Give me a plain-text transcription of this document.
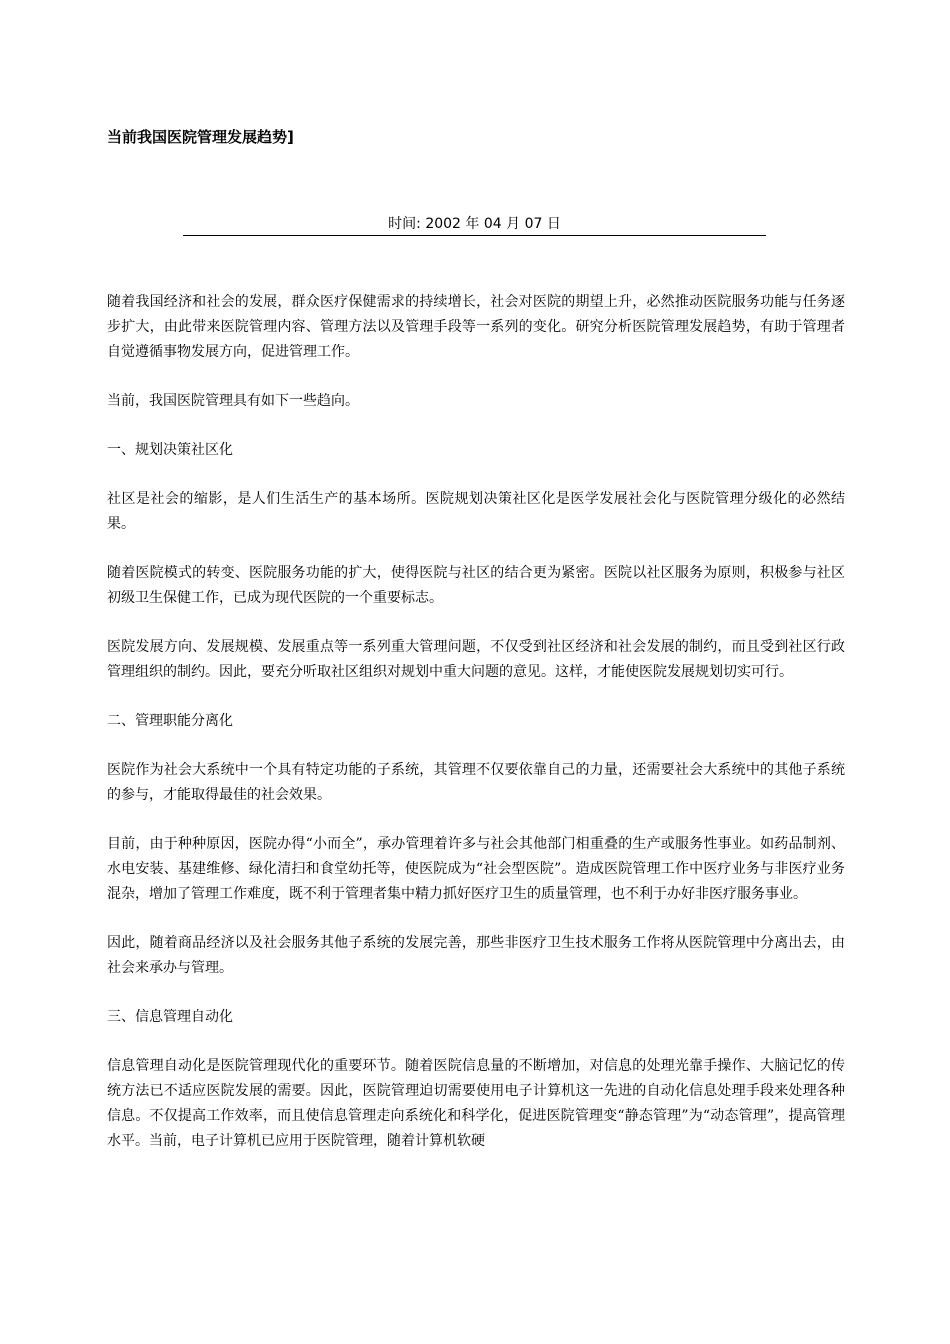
当前我国医院管理发展趋势]
时间: 2002 年 04 月 07 日

随着我国经济和社会的发展，群众医疗保健需求的持续增长，社会对医院的期望上升，必然推动医院服务功能与任务逐步扩大，由此带来医院管理内容、管理方法以及管理手段等一系列的变化。研究分析医院管理发展趋势，有助于管理者自觉遵循事物发展方向，促进管理工作。

当前，我国医院管理具有如下一些趋向。

一、规划决策社区化

社区是社会的缩影，是人们生活生产的基本场所。医院规划决策社区化是医学发展社会化与医院管理分级化的必然结果。

随着医院模式的转变、医院服务功能的扩大，使得医院与社区的结合更为紧密。医院以社区服务为原则，积极参与社区初级卫生保健工作，已成为现代医院的一个重要标志。

医院发展方向、发展规模、发展重点等一系列重大管理问题，不仅受到社区经济和社会发展的制约，而且受到社区行政管理组织的制约。因此，要充分听取社区组织对规划中重大问题的意见。这样，才能使医院发展规划切实可行。

二、管理职能分离化

医院作为社会大系统中一个具有特定功能的子系统，其管理不仅要依靠自己的力量，还需要社会大系统中的其他子系统的参与，才能取得最佳的社会效果。

目前，由于种种原因，医院办得“小而全”，承办管理着许多与社会其他部门相重叠的生产或服务性事业。如药品制剂、水电安装、基建维修、绿化清扫和食堂幼托等，使医院成为“社会型医院”。造成医院管理工作中医疗业务与非医疗业务混杂，增加了管理工作难度，既不利于管理者集中精力抓好医疗卫生的质量管理，也不利于办好非医疗服务事业。

因此，随着商品经济以及社会服务其他子系统的发展完善，那些非医疗卫生技术服务工作将从医院管理中分离出去，由社会来承办与管理。

三、信息管理自动化

信息管理自动化是医院管理现代化的重要环节。随着医院信息量的不断增加，对信息的处理光靠手操作、大脑记忆的传统方法已不适应医院发展的需要。因此，医院管理迫切需要使用电子计算机这一先进的自动化信息处理手段来处理各种信息。不仅提高工作效率，而且使信息管理走向系统化和科学化，促进医院管理变“静态管理”为“动态管理”，提高管理水平。当前，电子计算机已应用于医院管理，随着计算机软硬
